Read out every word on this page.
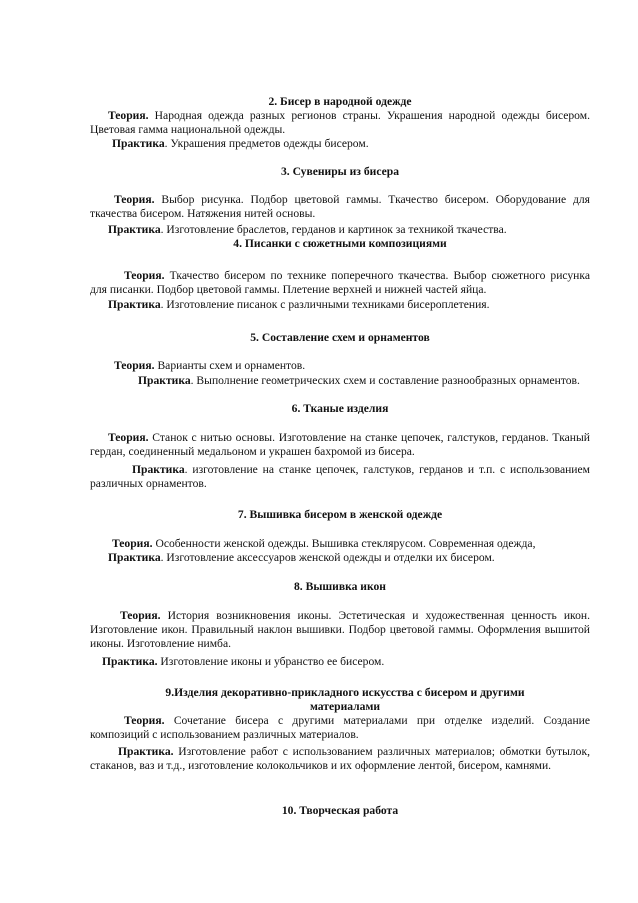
2. Бисер в народной одежде
Теория. Народная одежда разных регионов страны. Украшения народной одежды бисером. Цветовая гамма национальной одежды.
Практика. Украшения предметов одежды бисером.
3. Сувениры из бисера
Теория. Выбор рисунка. Подбор цветовой гаммы. Ткачество бисером. Оборудование для ткачества бисером. Натяжения нитей основы.
Практика. Изготовление браслетов, герданов и картинок за техникой ткачества.
4. Писанки с сюжетными композициями
Теория. Ткачество бисером по технике поперечного ткачества. Выбор сюжетного рисунка для писанки. Подбор цветовой гаммы. Плетение верхней и нижней частей яйца.
Практика. Изготовление писанок с различными техниками бисероплетения.
5. Составление схем и орнаментов
Теория. Варианты схем и орнаментов.
Практика. Выполнение геометрических схем и составление разнообразных орнаментов.
6. Тканые изделия
Теория. Станок с нитью основы. Изготовление на станке цепочек, галстуков, герданов. Тканый гердан, соединенный медальоном и украшен бахромой из бисера.
Практика. изготовление на станке цепочек, галстуков, герданов и т.п. с использованием различных орнаментов.
7. Вышивка бисером в женской одежде
Теория. Особенности женской одежды. Вышивка стеклярусом. Современная одежда,
Практика. Изготовление аксессуаров женской одежды и отделки их бисером.
8. Вышивка икон
Теория. История возникновения иконы. Эстетическая и художественная ценность икон. Изготовление икон. Правильный наклон вышивки. Подбор цветовой гаммы. Оформления вышитой иконы. Изготовление нимба.
Практика. Изготовление иконы и убранство ее бисером.
9.Изделия декоративно-прикладного искусства с бисером и другими материалами
Теория. Сочетание бисера с другими материалами при отделке изделий. Создание композиций с использованием различных материалов.
Практика. Изготовление работ с использованием различных материалов; обмотки бутылок, стаканов, ваз и т.д., изготовление колокольчиков и их оформление лентой, бисером, камнями.
10. Творческая работа
